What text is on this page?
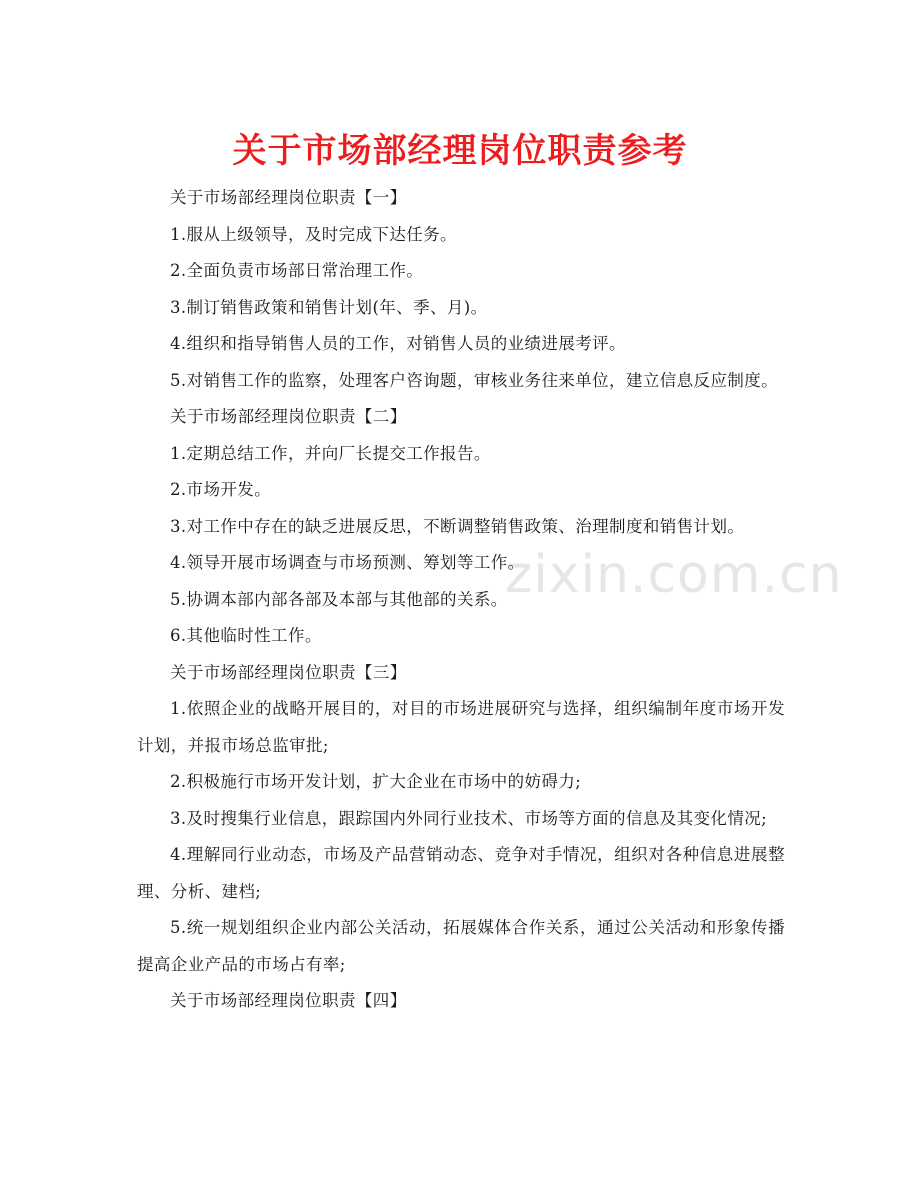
关于市场部经理岗位职责参考
zixin.com.cn

关于市场部经理岗位职责【一】

1.服从上级领导，及时完成下达任务。

2.全面负责市场部日常治理工作。

3.制订销售政策和销售计划(年、季、月)。

4.组织和指导销售人员的工作，对销售人员的业绩进展考评。

5.对销售工作的监察，处理客户咨询题，审核业务往来单位，建立信息反应制度。

关于市场部经理岗位职责【二】

1.定期总结工作，并向厂长提交工作报告。

2.市场开发。

3.对工作中存在的缺乏进展反思，不断调整销售政策、治理制度和销售计划。

4.领导开展市场调查与市场预测、筹划等工作。

5.协调本部内部各部及本部与其他部的关系。

6.其他临时性工作。

关于市场部经理岗位职责【三】

1.依照企业的战略开展目的，对目的市场进展研究与选择，组织编制年度市场开发计划，并报市场总监审批;

2.积极施行市场开发计划，扩大企业在市场中的妨碍力;

3.及时搜集行业信息，跟踪国内外同行业技术、市场等方面的信息及其变化情况;

4.理解同行业动态，市场及产品营销动态、竞争对手情况，组织对各种信息进展整理、分析、建档;

5.统一规划组织企业内部公关活动，拓展媒体合作关系，通过公关活动和形象传播提高企业产品的市场占有率;

关于市场部经理岗位职责【四】
